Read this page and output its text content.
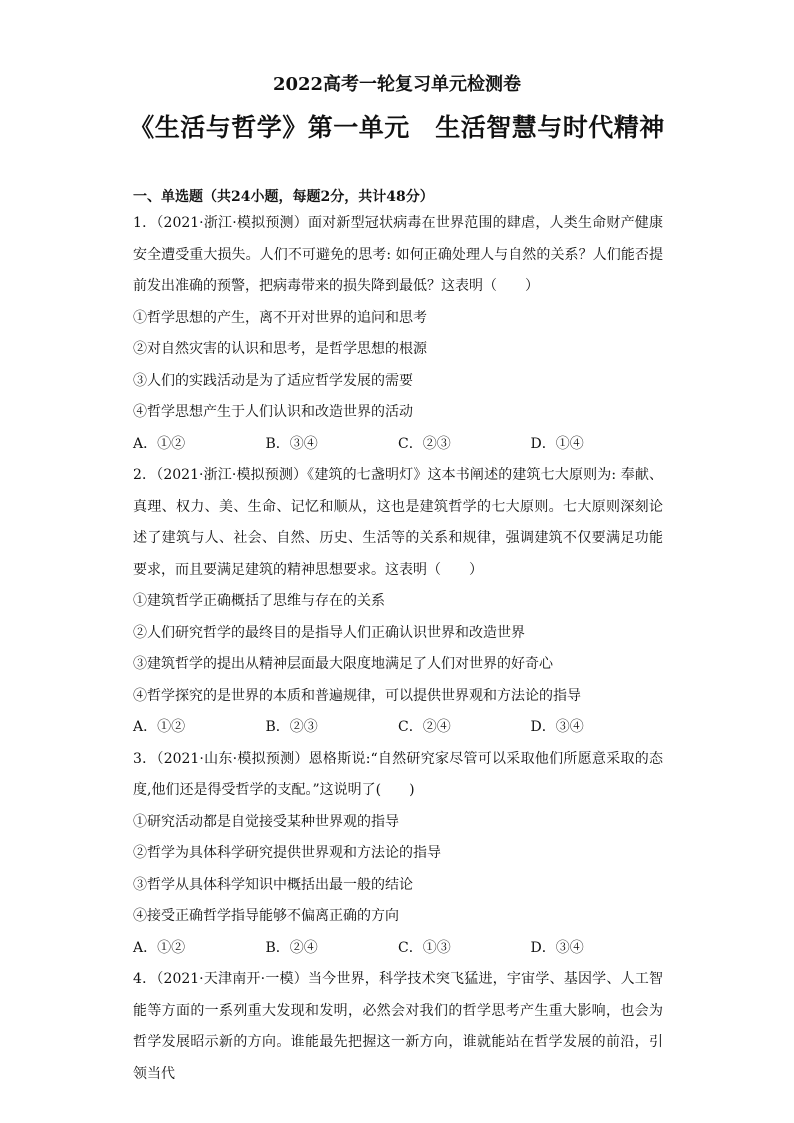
2022高考一轮复习单元检测卷
《生活与哲学》第一单元　生活智慧与时代精神
一、单选题（共24小题，每题2分，共计48分）

1．（2021·浙江·模拟预测）面对新型冠状病毒在世界范围的肆虐，人类生命财产健康安全遭受重大损失。人们不可避免的思考: 如何正确处理人与自然的关系？人们能否提前发出准确的预警，把病毒带来的损失降到最低？这表明（　　）

①哲学思想的产生，离不开对世界的追问和思考

②对自然灾害的认识和思考，是哲学思想的根源

③人们的实践活动是为了适应哲学发展的需要

④哲学思想产生于人们认识和改造世界的活动

A．①②	B．③④	C．②③	D．①④

2．（2021·浙江·模拟预测）《建筑的七盏明灯》这本书阐述的建筑七大原则为: 奉献、真理、权力、美、生命、记忆和顺从，这也是建筑哲学的七大原则。七大原则深刻论述了建筑与人、社会、自然、历史、生活等的关系和规律，强调建筑不仅要满足功能要求，而且要满足建筑的精神思想要求。这表明（　　）

①建筑哲学正确概括了思维与存在的关系

②人们研究哲学的最终目的是指导人们正确认识世界和改造世界

③建筑哲学的提出从精神层面最大限度地满足了人们对世界的好奇心

④哲学探究的是世界的本质和普遍规律，可以提供世界观和方法论的指导

A．①②	B．②③	C．②④	D．③④

3．（2021·山东·模拟预测）恩格斯说:“自然研究家尽管可以采取他们所愿意采取的态度,他们还是得受哲学的支配。”这说明了(　　)

①研究活动都是自觉接受某种世界观的指导

②哲学为具体科学研究提供世界观和方法论的指导

③哲学从具体科学知识中概括出最一般的结论

④接受正确哲学指导能够不偏离正确的方向

A．①②	B．②④	C．①③	D．③④

4．（2021·天津南开·一模）当今世界，科学技术突飞猛进，宇宙学、基因学、人工智能等方面的一系列重大发现和发明，必然会对我们的哲学思考产生重大影响，也会为哲学发展昭示新的方向。谁能最先把握这一新方向，谁就能站在哲学发展的前沿，引领当代
